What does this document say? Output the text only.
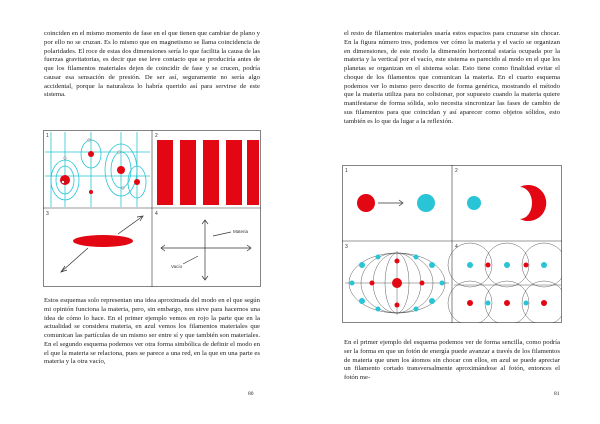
coinciden en el mismo momento de fase en el que tienen que cambiar de plano y por ello no se cruzan. Es lo mismo que en magnetismo se llama coincidencia de polaridades. El roce de estas dos dimensiones sería lo que facilita la causa de las fuerzas gravitatorias, es decir que ese leve contacto que se produciría antes de que los filamentos materiales dejen de coincidir de fase y se crucen, podría causar esa sensación de presión. De ser así, seguramente no sería algo accidental, porque la naturaleza lo habría querido así para servirse de este sistema.

1	2
3	4
Materia
Vacío

Estos esquemas solo representan una idea aproximada del modo en el que según mi opinión funciona la materia, pero, sin embargo, nos sirve para hacernos una idea de cómo lo hace. En el primer ejemplo vemos en rojo la parte que en la actualidad se considera materia, en azul vemos los filamentos materiales que comunican las partículas de un mismo ser entre sí y que también son materiales. En el segundo esquema podemos ver otra forma simbólica de definir el modo en el que la materia se relaciona, pues se parece a una red, en la que en una parte es materia y la otra vacío,

80

el resto de filamentos materiales usaría estos espacios para cruzarse sin chocar. En la figura número tres, podemos ver cómo la materia y el vacío se organizan en dimensiones, de este modo la dimensión horizontal estaría ocupada por la materia y la vertical por el vacío, este sistema es parecido al modo en el que los planetas se organizan en el sistema solar. Esto tiene como finalidad evitar el choque de los filamentos que comunican la materia. En el cuarto esquema podemos ver lo mismo pero descrito de forma genérica, mostrando el método que la materia utiliza para no colisionar, por supuesto cuando la materia quiere manifestarse de forma sólida, solo necesita sincronizar las fases de cambio de sus filamentos para que coincidan y así aparecer como objetos sólidos, esto también es lo que da lugar a la reflexión.

1	2
3	4

En el primer ejemplo del esquema podemos ver de forma sencilla, como podría ser la forma en que un fotón de energía puede avanzar a través de los filamentos de materia que unen los átomos sin chocar con ellos, en azul se puede apreciar un filamento cortado transversalmente aproximándose al fotón, entonces el fotón me-

81
